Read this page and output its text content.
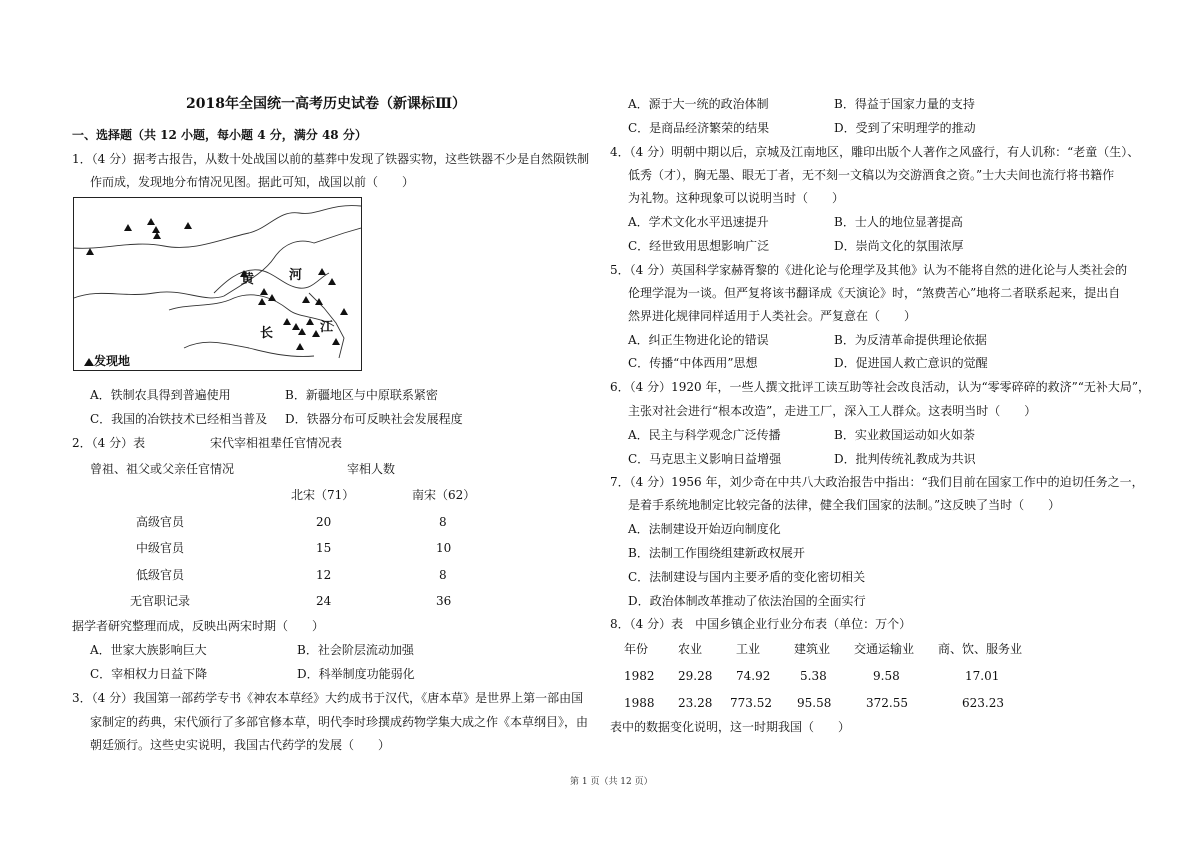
2018年全国统一高考历史试卷（新课标Ⅲ）
一、选择题（共 12 小题，每小题 4 分，满分 48 分）
1．（4 分）据考古报告，从数十处战国以前的墓葬中发现了铁器实物，这些铁器不少是自然陨铁制
作而成，发现地分布情况见图。据此可知，战国以前（　　）
黄	河
长	江
发现地
A．铁制农具得到普遍使用	B．新疆地区与中原联系紧密
C．我国的冶铁技术已经相当普及 D．铁器分布可反映社会发展程度
2．（4 分）表	宋代宰相祖辈任官情况表
曾祖、祖父或父亲任官情况	宰相人数
北宋（71）	南宋（62）
高级官员	20	8
中级官员	15	10
低级官员	12	8
无官职记录	24	36
据学者研究整理而成，反映出两宋时期（　　）
A．世家大族影响巨大	B．社会阶层流动加强
C．宰相权力日益下降	D．科举制度功能弱化
3．（4 分）我国第一部药学专书《神农本草经》大约成书于汉代，《唐本草》是世界上第一部由国
家制定的药典，宋代颁行了多部官修本草，明代李时珍撰成药物学集大成之作《本草纲目》，由
朝廷颁行。这些史实说明，我国古代药学的发展（　　）
A．源于大一统的政治体制	B．得益于国家力量的支持
C．是商品经济繁荣的结果	D．受到了宋明理学的推动
4．（4 分）明朝中期以后，京城及江南地区，雕印出版个人著作之风盛行，有人讥称：“老童（生）、
低秀（才），胸无墨、眼无丁者，无不刻一文稿以为交游酒食之资。”士大夫间也流行将书籍作
为礼物。这种现象可以说明当时（　　）
A．学术文化水平迅速提升	B．士人的地位显著提高
C．经世致用思想影响广泛	D．崇尚文化的氛围浓厚
5．（4 分）英国科学家赫胥黎的《进化论与伦理学及其他》认为不能将自然的进化论与人类社会的
伦理学混为一谈。但严复将该书翻译成《天演论》时，“煞费苦心”地将二者联系起来，提出自
然界进化规律同样适用于人类社会。严复意在（　　）
A．纠正生物进化论的错误	B．为反清革命提供理论依据
C．传播“中体西用”思想	D．促进国人救亡意识的觉醒
6．（4 分）1920 年，一些人撰文批评工读互助等社会改良活动，认为“零零碎碎的救济”“无补大局”，
主张对社会进行“根本改造”，走进工厂，深入工人群众。这表明当时（　　）
A．民主与科学观念广泛传播	B．实业救国运动如火如荼
C．马克思主义影响日益增强	D．批判传统礼教成为共识
7．（4 分）1956 年，刘少奇在中共八大政治报告中指出：“我们目前在国家工作中的迫切任务之一，
是着手系统地制定比较完备的法律，健全我们国家的法制。”这反映了当时（　　）
A．法制建设开始迈向制度化
B．法制工作围绕组建新政权展开
C．法制建设与国内主要矛盾的变化密切相关
D．政治体制改革推动了依法治国的全面实行
8．（4 分）表　中国乡镇企业行业分布表（单位：万个）
年份 农业	工业	建筑业 交通运输业 商、饮、服务业
1982 29.28 74.92 5.38	9.58	17.01
1988 23.28 773.52 95.58	372.55	623.23
表中的数据变化说明，这一时期我国（　　）
第 1 页（共 12 页）
